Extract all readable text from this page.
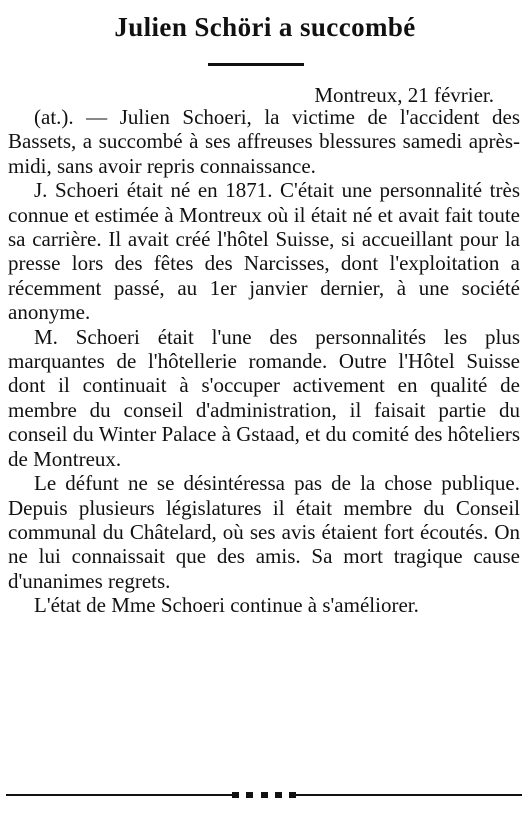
Julien Schöri a succombé
Montreux, 21 février.

(at.). — Julien Schoeri, la victime de l'accident des Bassets, a succombé à ses affreuses blessures samedi après-midi, sans avoir repris connaissance.

J. Schoeri était né en 1871. C'était une personnalité très connue et estimée à Montreux où il était né et avait fait toute sa carrière. Il avait créé l'hôtel Suisse, si accueillant pour la presse lors des fêtes des Narcisses, dont l'exploitation a récemment passé, au 1er janvier dernier, à une société anonyme.

M. Schoeri était l'une des personnalités les plus marquantes de l'hôtellerie romande. Outre l'Hôtel Suisse dont il continuait à s'occuper activement en qualité de membre du conseil d'administration, il faisait partie du conseil du Winter Palace à Gstaad, et du comité des hôteliers de Montreux.

Le défunt ne se désintéressa pas de la chose publique. Depuis plusieurs législatures il était membre du Conseil communal du Châtelard, où ses avis étaient fort écoutés. On ne lui connaissait que des amis. Sa mort tragique cause d'unanimes regrets.

L'état de Mme Schoeri continue à s'améliorer.
